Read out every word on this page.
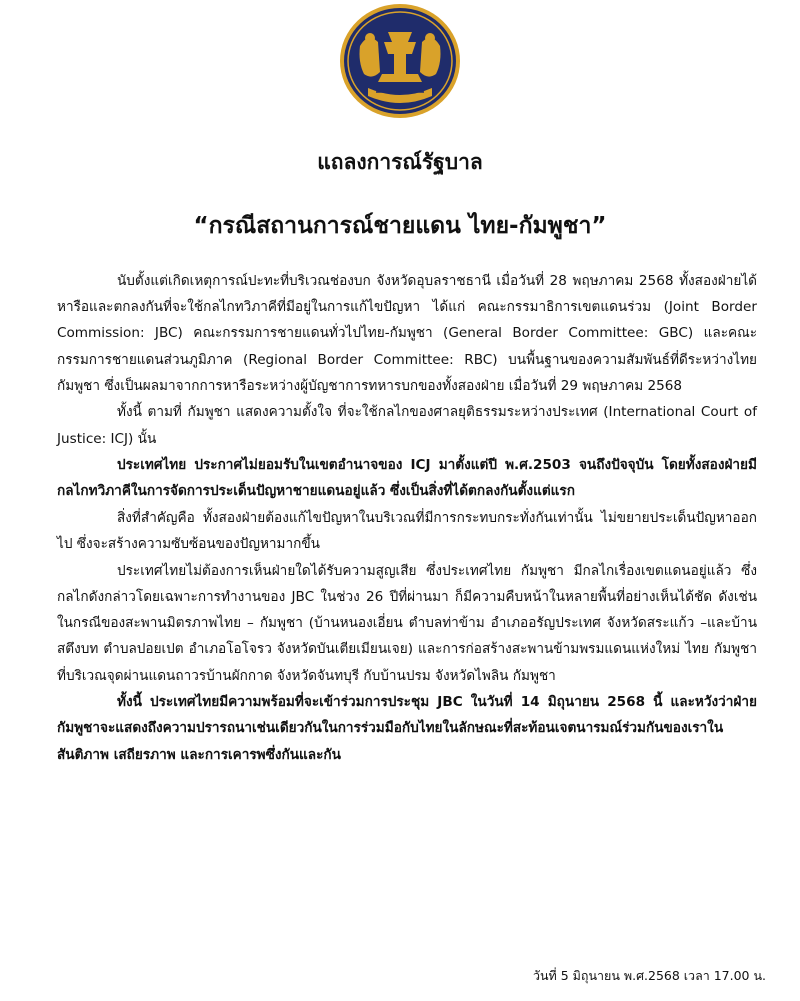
แถลงการณ์รัฐบาล
“กรณีสถานการณ์ชายแดน ไทย-กัมพูชา”

นับตั้งแต่เกิดเหตุการณ์ปะทะที่บริเวณช่องบก จังหวัดอุบลราชธานี เมื่อวันที่ 28 พฤษภาคม 2568 ทั้งสองฝ่ายได้หารือและตกลงกันที่จะใช้กลไกทวิภาคีที่มีอยู่ในการแก้ไขปัญหา ได้แก่ คณะกรรมาธิการเขตแดนร่วม (Joint Border Commission: JBC) คณะกรรมการชายแดนทั่วไปไทย-กัมพูชา (General Border Committee: GBC) และคณะกรรมการชายแดนส่วนภูมิภาค (Regional Border Committee: RBC) บนพื้นฐานของความสัมพันธ์ที่ดีระหว่างไทย กัมพูชา ซึ่งเป็นผลมาจากการหารือระหว่างผู้บัญชาการทหารบกของทั้งสองฝ่าย เมื่อวันที่ 29 พฤษภาคม 2568

ทั้งนี้ ตามที่ กัมพูชา แสดงความตั้งใจ ที่จะใช้กลไกของศาลยุติธรรมระหว่างประเทศ (International Court of Justice: ICJ) นั้น

ประเทศไทย ประกาศไม่ยอมรับในเขตอำนาจของ ICJ มาตั้งแต่ปี พ.ศ.2503 จนถึงปัจจุบัน โดยทั้งสองฝ่ายมีกลไกทวิภาคีในการจัดการประเด็นปัญหาชายแดนอยู่แล้ว ซึ่งเป็นสิ่งที่ได้ตกลงกันตั้งแต่แรก

สิ่งที่สำคัญคือ ทั้งสองฝ่ายต้องแก้ไขปัญหาในบริเวณที่มีการกระทบกระทั่งกันเท่านั้น ไม่ขยายประเด็นปัญหาออกไป ซึ่งจะสร้างความซับซ้อนของปัญหามากขึ้น

ประเทศไทยไม่ต้องการเห็นฝ่ายใดได้รับความสูญเสีย ซึ่งประเทศไทย กัมพูชา มีกลไกเรื่องเขตแดนอยู่แล้ว ซึ่งกลไกดังกล่าวโดยเฉพาะการทำงานของ JBC ในช่วง 26 ปีที่ผ่านมา ก็มีความคืบหน้าในหลายพื้นที่อย่างเห็นได้ชัด ดังเช่นในกรณีของสะพานมิตรภาพไทย – กัมพูชา (บ้านหนองเอี่ยน ตำบลท่าข้าม อำเภออรัญประเทศ จังหวัดสระแก้ว –และบ้าน สตึงบท ตำบลปอยเปต อำเภอโอโจรว จังหวัดบันเตียเมียนเจย) และการก่อสร้างสะพานข้ามพรมแดนแห่งใหม่ ไทย กัมพูชา ที่บริเวณจุดผ่านแดนถาวรบ้านผักกาด จังหวัดจันทบุรี กับบ้านปรม จังหวัดไพลิน กัมพูชา

ทั้งนี้ ประเทศไทยมีความพร้อมที่จะเข้าร่วมการประชุม JBC ในวันที่ 14 มิถุนายน 2568 นี้ และหวังว่าฝ่ายกัมพูชาจะแสดงถึงความปรารถนาเช่นเดียวกันในการร่วมมือกับไทยในลักษณะที่สะท้อนเจตนารมณ์ร่วมกันของเราในสันติภาพ เสถียรภาพ และการเคารพซึ่งกันและกัน

วันที่ 5 มิถุนายน พ.ศ.2568 เวลา 17.00 น.
